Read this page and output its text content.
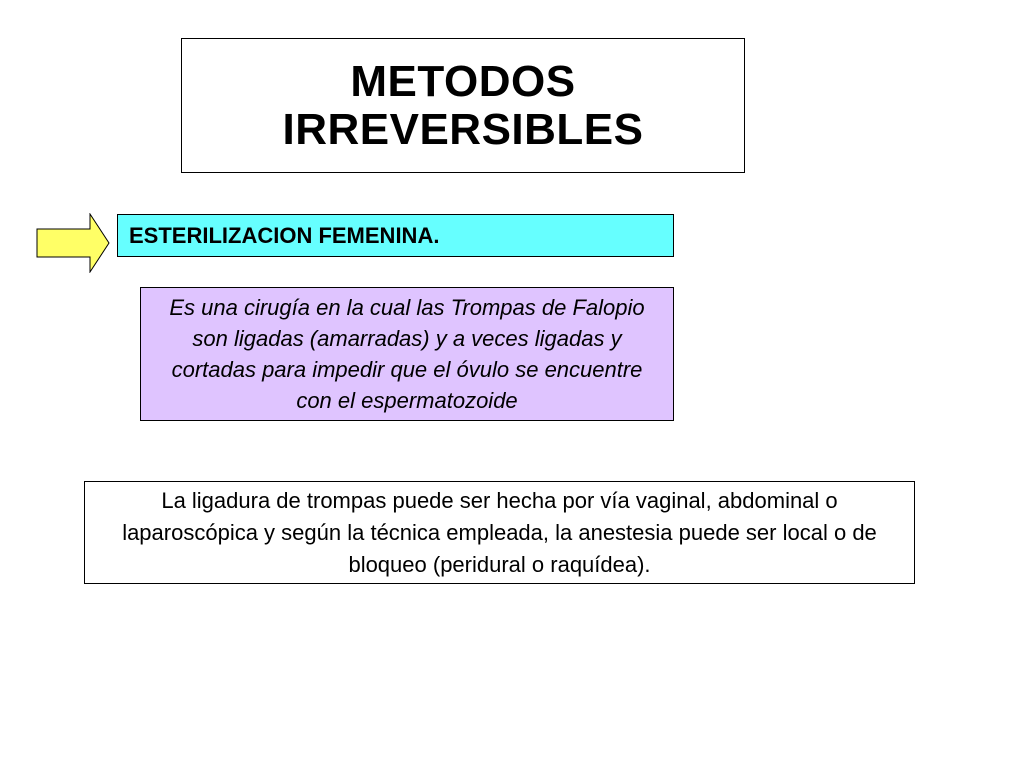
METODOS
IRREVERSIBLES
ESTERILIZACION FEMENINA.
Es una cirugía en la cual las Trompas de Falopio son ligadas (amarradas) y a veces ligadas y cortadas para impedir que el óvulo se encuentre con el espermatozoide
La ligadura de trompas puede ser hecha por vía vaginal, abdominal o laparoscópica y según la técnica empleada, la anestesia puede ser local o de bloqueo (peridural o raquídea).
